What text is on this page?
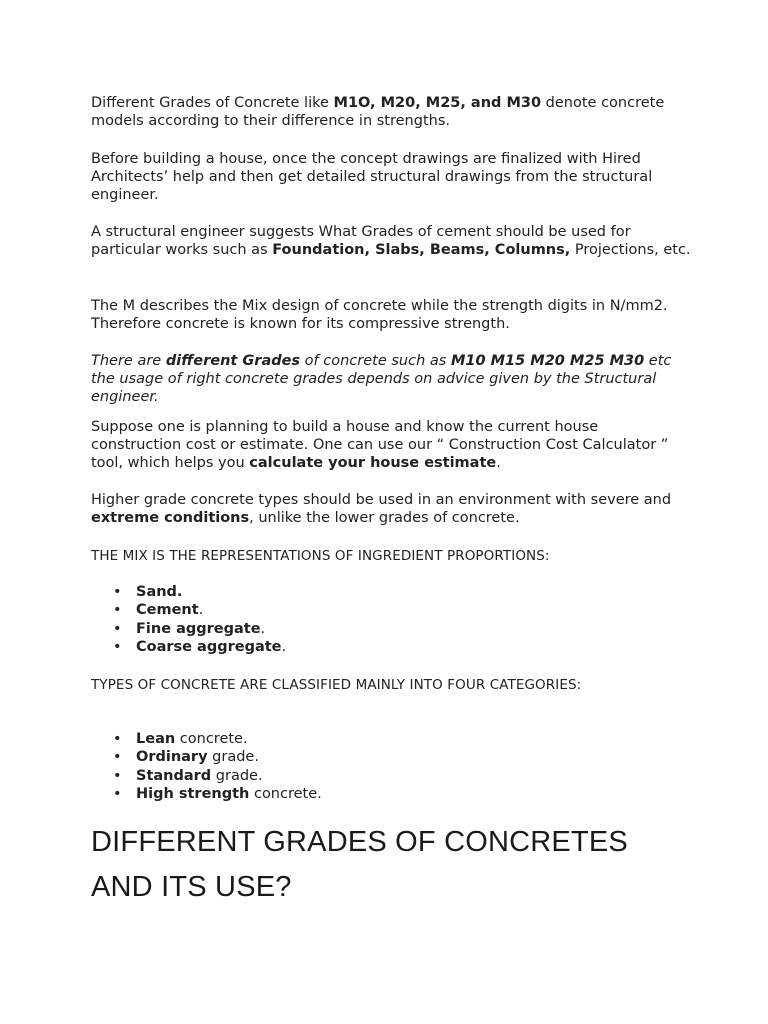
Different Grades of Concrete like M1O, M20, M25, and M30 denote concrete models according to their difference in strengths.

Before building a house, once the concept drawings are finalized with Hired Architects’ help and then get detailed structural drawings from the structural engineer.

A structural engineer suggests What Grades of cement should be used for particular works such as Foundation, Slabs, Beams, Columns, Projections, etc.

The M describes the Mix design of concrete while the strength digits in N/mm2. Therefore concrete is known for its compressive strength.

There are different Grades of concrete such as M10 M15 M20 M25 M30 etc the usage of right concrete grades depends on advice given by the Structural engineer.

Suppose one is planning to build a house and know the current house construction cost or estimate. One can use our “ Construction Cost Calculator ” tool, which helps you calculate your house estimate.

Higher grade concrete types should be used in an environment with severe and extreme conditions, unlike the lower grades of concrete.

THE MIX IS THE REPRESENTATIONS OF INGREDIENT PROPORTIONS:
• Sand.
• Cement.
• Fine aggregate.
• Coarse aggregate.
TYPES OF CONCRETE ARE CLASSIFIED MAINLY INTO FOUR CATEGORIES:
• Lean concrete.
• Ordinary grade.
• Standard grade.
• High strength concrete.
DIFFERENT GRADES OF CONCRETES AND ITS USE?
